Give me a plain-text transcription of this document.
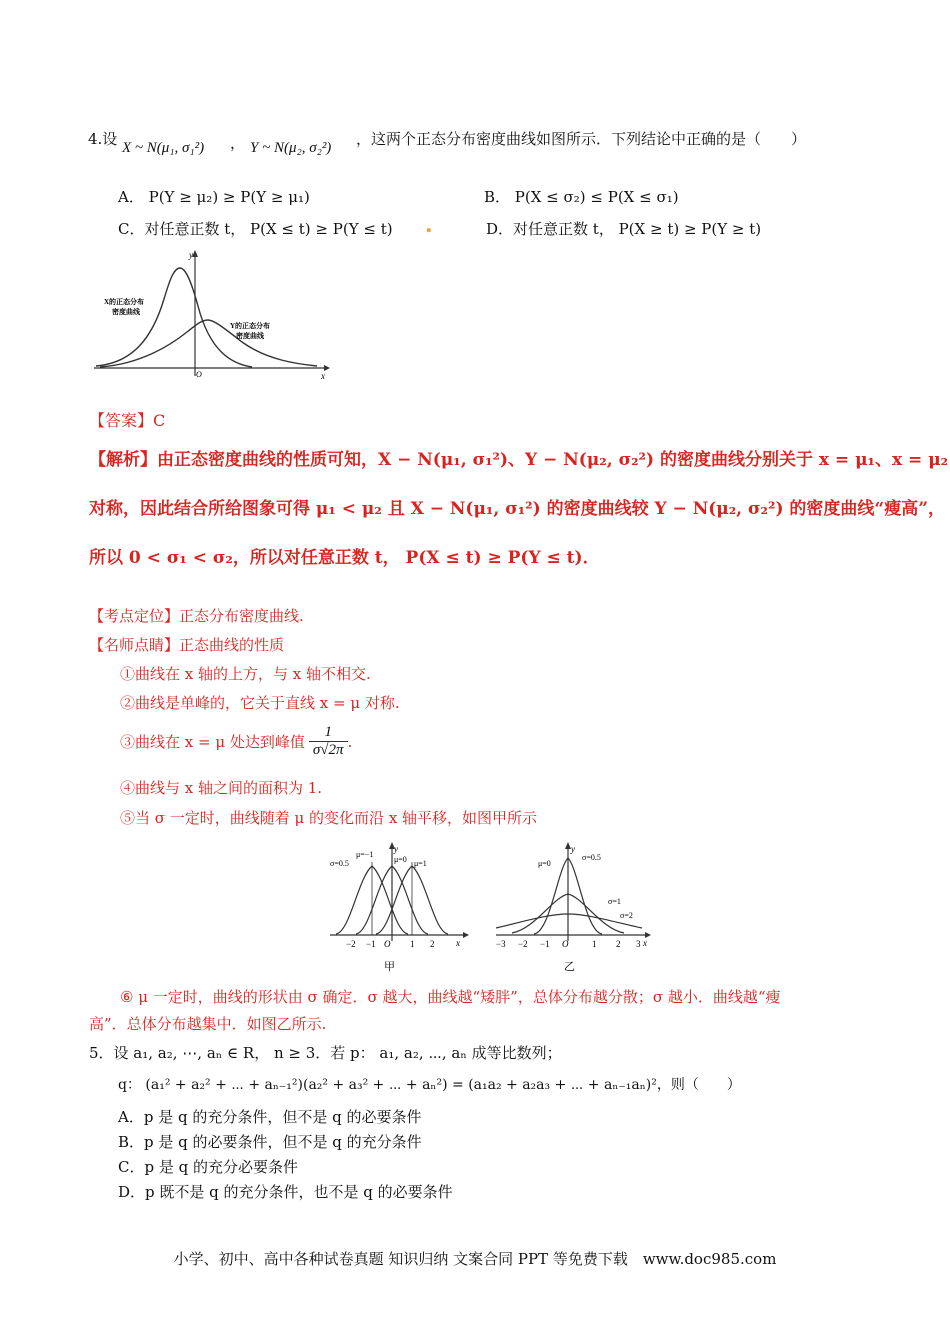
4.设 X ~ N(μ₁, σ₁²) ， Y ~ N(μ₂, σ₂²) ，这两个正态分布密度曲线如图所示．下列结论中正确的是（　　）
A． P(Y ≥ μ₂) ≥ P(Y ≥ μ₁)	B． P(X ≤ σ₂) ≤ P(X ≤ σ₁)
C．对任意正数 t， P(X ≤ t) ≥ P(Y ≤ t) .	D．对任意正数 t， P(X ≥ t) ≥ P(Y ≥ t)
y
x
O
X的正态分布
密度曲线
Y的正态分布
密度曲线
【答案】C
【解析】由正态密度曲线的性质可知，X − N(μ₁, σ₁²)、Y − N(μ₂, σ₂²) 的密度曲线分别关于 x = μ₁、x = μ₂
对称，因此结合所给图象可得 μ₁ < μ₂ 且 X − N(μ₁, σ₁²) 的密度曲线较 Y − N(μ₂, σ₂²) 的密度曲线“瘦高”，
所以 0 < σ₁ < σ₂，所以对任意正数 t， P(X ≤ t) ≥ P(Y ≤ t)．
【考点定位】正态分布密度曲线.
【名师点睛】正态曲线的性质
①曲线在 x 轴的上方，与 x 轴不相交.
②曲线是单峰的，它关于直线 x = μ 对称.
③曲线在 x = μ 处达到峰值 $\frac{1}{\sigma√2\pi}$ .
④曲线与 x 轴之间的面积为 1.
⑤当 σ 一定时，曲线随着 μ 的变化而沿 x 轴平移，如图甲所示
y
x
σ=0.5
μ=−1
μ=0 μ=1
−2 −1 O 1 2
甲
y
x
μ=0
σ=0.5
σ=1
σ=2
−3 −2 −1 O	1 2 3
乙
⑥ μ 一定时，曲线的形状由 σ 确定．σ 越大，曲线越“矮胖”，总体分布越分散；σ 越小．曲线越“瘦
高”．总体分布越集中．如图乙所示.
5．设 a₁, a₂, ⋯, aₙ ∈ R， n ≥ 3．若 p： a₁, a₂, ⋯, aₙ 成等比数列；
q： (a₁² + a₂² + ⋯ + aₙ₋₁²)(a₂² + a₃² + ⋯ + aₙ²) = (a₁a₂ + a₂a₃ + ⋯ + aₙ₋₁aₙ)²，则（　　）
A．p 是 q 的充分条件，但不是 q 的必要条件
B．p 是 q 的必要条件，但不是 q 的充分条件
C．p 是 q 的充分必要条件
D．p 既不是 q 的充分条件，也不是 q 的必要条件
小学、初中、高中各种试卷真题 知识归纳 文案合同 PPT 等免费下载　www.doc985.com
